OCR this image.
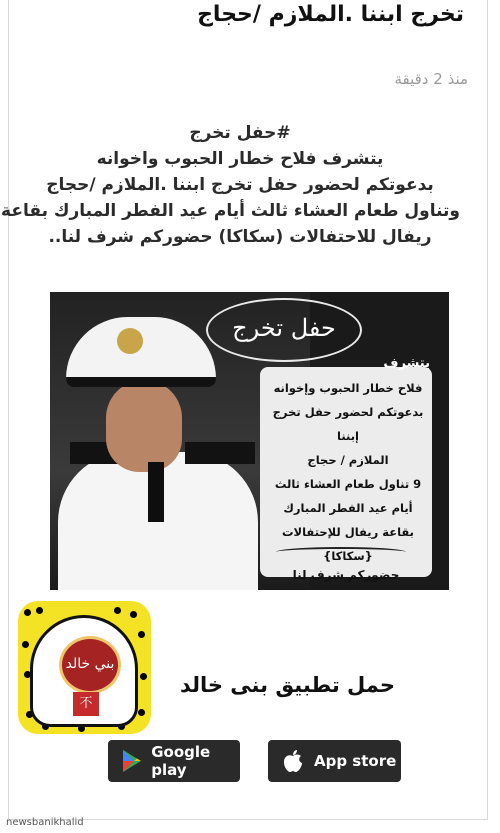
تخرج ابننا .الملازم /حجاج
منذ 2 دقيقة
#حفل تخرج
يتشرف فلاح خطار الحبوب واخوانه
بدعوتكم لحضور حفل تخرج ابننا .الملازم /حجاج
وتناول طعام العشاء ثالث أيام عيد الفطر المبارك بقاعة
ريفال للاحتفالات (سكاكا) حضوركم شرف لنا..
حفل تخرج
يتشرف
فلاح خطار الحبوب وإخوانه
بدعوتكم لحضور حفل تخرج إبننا
الملازم / حجاج
9 تناول طعام العشاء ثالث
أيام عيد الفطر المبارك
بقاعة ريفال للإحتفالات
{سكاكا}
حضوركم شرف لنا
بني خالد
不
حمل تطبيق بنى خالد
Google play	App store
newsbanikhalid
